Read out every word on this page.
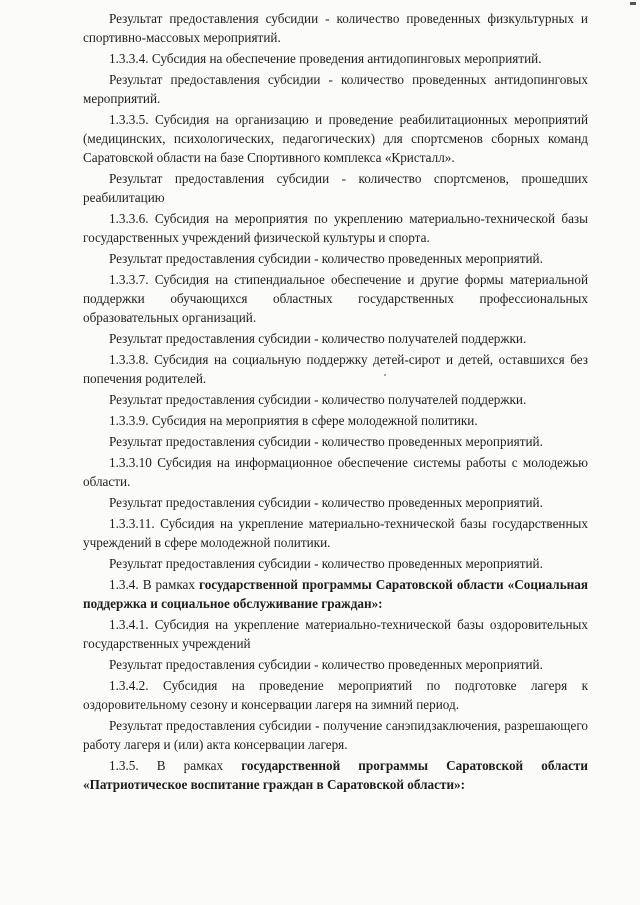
Результат предоставления субсидии - количество проведенных физкультурных и спортивно-массовых мероприятий.

1.3.3.4. Субсидия на обеспечение проведения антидопинговых мероприятий.

Результат предоставления субсидии - количество проведенных антидопинговых мероприятий.

1.3.3.5. Субсидия на организацию и проведение реабилитационных мероприятий (медицинских, психологических, педагогических) для спортсменов сборных команд Саратовской области на базе Спортивного комплекса «Кристалл».

Результат предоставления субсидии - количество спортсменов, прошедших реабилитацию

1.3.3.6. Субсидия на мероприятия по укреплению материально-технической базы государственных учреждений физической культуры и спорта.

Результат предоставления субсидии - количество проведенных мероприятий.

1.3.3.7. Субсидия на стипендиальное обеспечение и другие формы материальной поддержки обучающихся областных государственных профессиональных образовательных организаций.

Результат предоставления субсидии - количество получателей поддержки.

1.3.3.8. Субсидия на социальную поддержку детей-сирот и детей, оставшихся без попечения родителей.

Результат предоставления субсидии - количество получателей поддержки.

1.3.3.9. Субсидия на мероприятия в сфере молодежной политики.

Результат предоставления субсидии - количество проведенных мероприятий.

1.3.3.10 Субсидия на информационное обеспечение системы работы с молодежью области.

Результат предоставления субсидии - количество проведенных мероприятий.

1.3.3.11. Субсидия на укрепление материально-технической базы государственных учреждений в сфере молодежной политики.

Результат предоставления субсидии - количество проведенных мероприятий.

1.3.4. В рамках государственной программы Саратовской области «Социальная поддержка и социальное обслуживание граждан»:

1.3.4.1. Субсидия на укрепление материально-технической базы оздоровительных государственных учреждений

Результат предоставления субсидии - количество проведенных мероприятий.

1.3.4.2. Субсидия на проведение мероприятий по подготовке лагеря к оздоровительному сезону и консервации лагеря на зимний период.

Результат предоставления субсидии - получение санэпидзаключения, разрешающего работу лагеря и (или) акта консервации лагеря.

1.3.5. В рамках государственной программы Саратовской области «Патриотическое воспитание граждан в Саратовской области»:
